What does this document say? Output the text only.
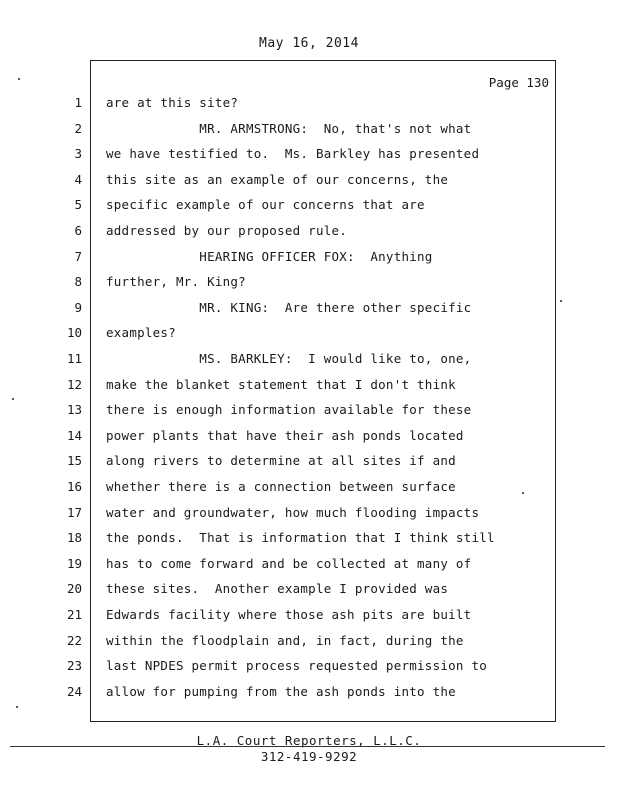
May 16, 2014
Page 130
1 are at this site?
2 MR. ARMSTRONG:  No, that's not what
3 we have testified to.  Ms. Barkley has presented
4 this site as an example of our concerns, the
5 specific example of our concerns that are
6 addressed by our proposed rule.
7 HEARING OFFICER FOX:  Anything
8 further, Mr. King?
9 MR. KING:  Are there other specific
10 examples?
11 MS. BARKLEY:  I would like to, one,
12 make the blanket statement that I don't think
13 there is enough information available for these
14 power plants that have their ash ponds located
15 along rivers to determine at all sites if and
16 whether there is a connection between surface
17 water and groundwater, how much flooding impacts
18 the ponds.  That is information that I think still
19 has to come forward and be collected at many of
20 these sites.  Another example I provided was
21 Edwards facility where those ash pits are built
22 within the floodplain and, in fact, during the
23 last NPDES permit process requested permission to
24 allow for pumping from the ash ponds into the
L.A. Court Reporters, L.L.C.
312-419-9292
